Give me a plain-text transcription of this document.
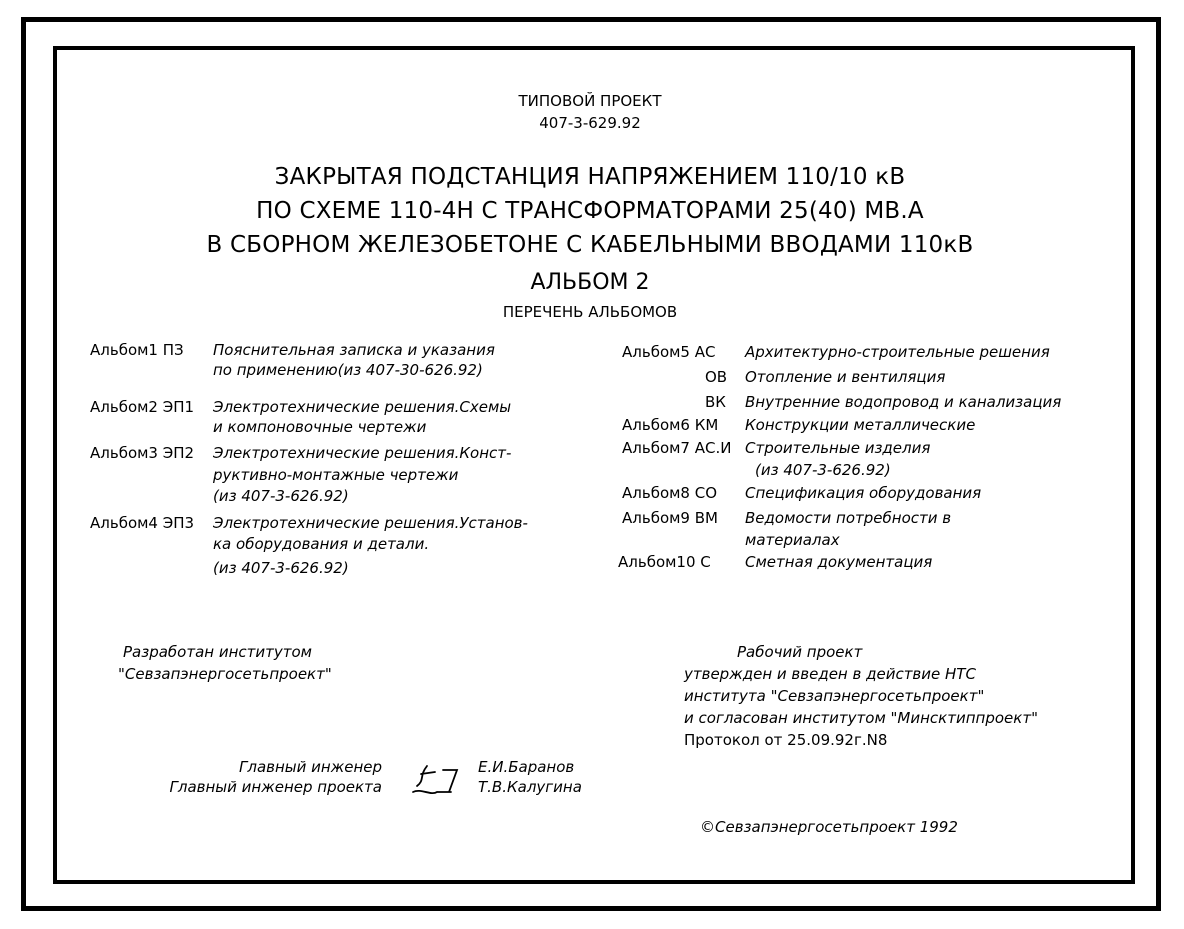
ТИПОВОЙ ПРОЕКТ
407-3-629.92
ЗАКРЫТАЯ ПОДСТАНЦИЯ НАПРЯЖЕНИЕМ 110/10 кВ
ПО СХЕМЕ 110-4Н С ТРАНСФОРМАТОРАМИ 25(40) МВ.А
В СБОРНОМ ЖЕЛЕЗОБЕТОНЕ С КАБЕЛЬНЫМИ ВВОДАМИ 110кВ
АЛЬБОМ 2
ПЕРЕЧЕНЬ АЛЬБОМОВ
Альбом1 ПЗ Пояснительная записка и указания
по применению(из 407-30-626.92)
Альбом2 ЭП1 Электротехнические решения.Схемы
и компоновочные чертежи
Альбом3 ЭП2 Электротехнические решения.Конст-
руктивно-монтажные чертежи
(из 407-3-626.92)
Альбом4 ЭП3 Электротехнические решения.Установ-
ка оборудования и детали.
(из 407-3-626.92)
Альбом5 АС Архитектурно-строительные решения
ОВ Отопление и вентиляция
ВК Внутренние водопровод и канализация
Альбом6 КМ Конструкции металлические
Альбом7 АС.И Строительные изделия
(из 407-3-626.92)
Альбом8 СО Спецификация оборудования
Альбом9 ВМ Ведомости потребности в
материалах
Альбом10 С Сметная документация
Разработан институтом
"Севзапэнергосетьпроект"
Рабочий проект
утвержден и введен в действие НТС
института "Севзапэнергосетьпроект"
и согласован институтом "Минсктиппроект"
Протокол от 25.09.92г.N8
Главный инженер
Главный инженер проекта
Е.И.Баранов
Т.В.Калугина
©Севзапэнергосетьпроект 1992
